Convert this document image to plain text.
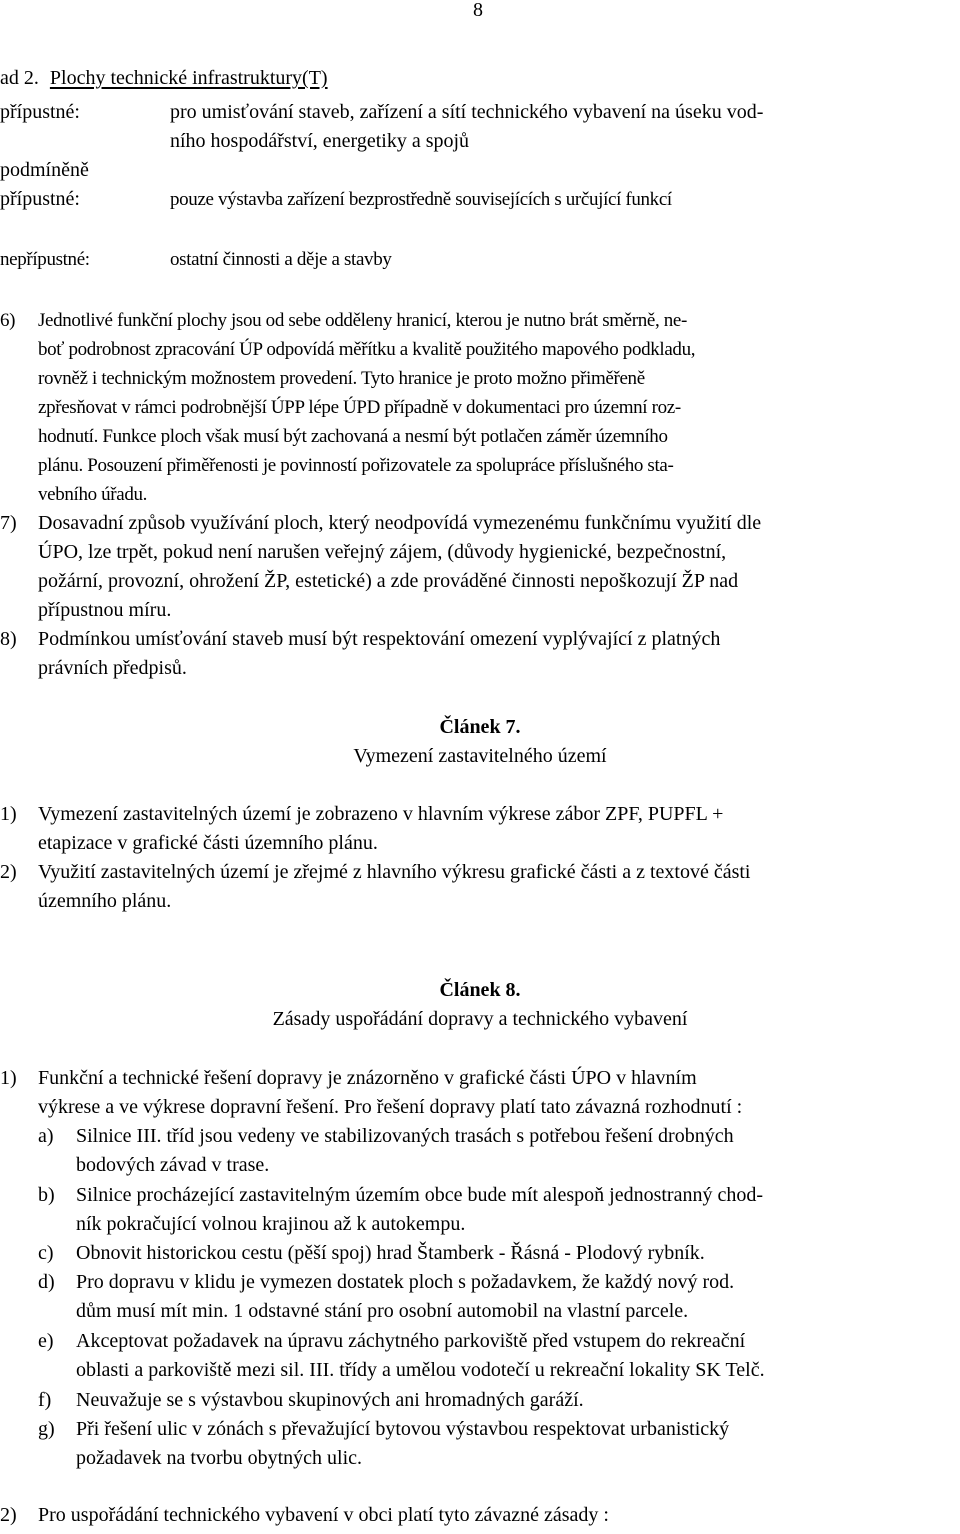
8
ad 2. Plochy technické infrastruktury(T)
přípustné:	pro umisťování staveb, zařízení a sítí technického vybavení na úseku vod-
ního hospodářství, energetiky a spojů
podmíněně
přípustné:	pouze výstavba zařízení bezprostředně souvisejících s určující funkcí
nepřípustné:	ostatní činnosti a děje a stavby
6) Jednotlivé funkční plochy jsou od sebe odděleny hranicí, kterou je nutno brát směrně, ne-
boť podrobnost zpracování ÚP odpovídá měřítku a kvalitě použitého mapového podkladu,
rovněž i technickým možnostem provedení. Tyto hranice je proto možno přiměřeně
zpřesňovat v rámci podrobnější ÚPP lépe ÚPD případně v dokumentaci pro územní roz-
hodnutí. Funkce ploch však musí být zachovaná a nesmí být potlačen záměr územního
plánu. Posouzení přiměřenosti je povinností pořizovatele za spolupráce příslušného sta-
vebního úřadu.
7) Dosavadní způsob využívání ploch, který neodpovídá vymezenému funkčnímu využití dle
ÚPO, lze trpět, pokud není narušen veřejný zájem, (důvody hygienické, bezpečnostní,
požární, provozní, ohrožení ŽP, estetické) a zde prováděné činnosti nepoškozují ŽP nad
přípustnou míru.
8) Podmínkou umísťování staveb musí být respektování omezení vyplývající z platných
právních předpisů.
Článek 7.
Vymezení zastavitelného území
1) Vymezení zastavitelných území je zobrazeno v hlavním výkrese zábor ZPF, PUPFL +
etapizace v grafické části územního plánu.
2) Využití zastavitelných území je zřejmé z hlavního výkresu grafické části a z textové části
územního plánu.
Článek 8.
Zásady uspořádání dopravy a technického vybavení
1) Funkční a technické řešení dopravy je znázorněno v grafické části ÚPO v hlavním
výkrese a ve výkrese dopravní řešení. Pro řešení dopravy platí tato závazná rozhodnutí :
a) Silnice III. tříd jsou vedeny ve stabilizovaných trasách s potřebou řešení drobných
bodových závad v trase.
b) Silnice procházející zastavitelným územím obce bude mít alespoň jednostranný chod-
ník pokračující volnou krajinou až k autokempu.
c) Obnovit historickou cestu (pěší spoj) hrad Štamberk - Řásná - Plodový rybník.
d) Pro dopravu v klidu je vymezen dostatek ploch s požadavkem, že každý nový rod.
dům musí mít min. 1 odstavné stání pro osobní automobil na vlastní parcele.
e) Akceptovat požadavek na úpravu záchytného parkoviště před vstupem do rekreační
oblasti a parkoviště mezi sil. III. třídy a umělou vodotečí u rekreační lokality SK Telč.
f) Neuvažuje se s výstavbou skupinových ani hromadných garáží.
g) Při řešení ulic v zónách s převažující bytovou výstavbou respektovat urbanistický
požadavek na tvorbu obytných ulic.
2) Pro uspořádání technického vybavení v obci platí tyto závazné zásady :
